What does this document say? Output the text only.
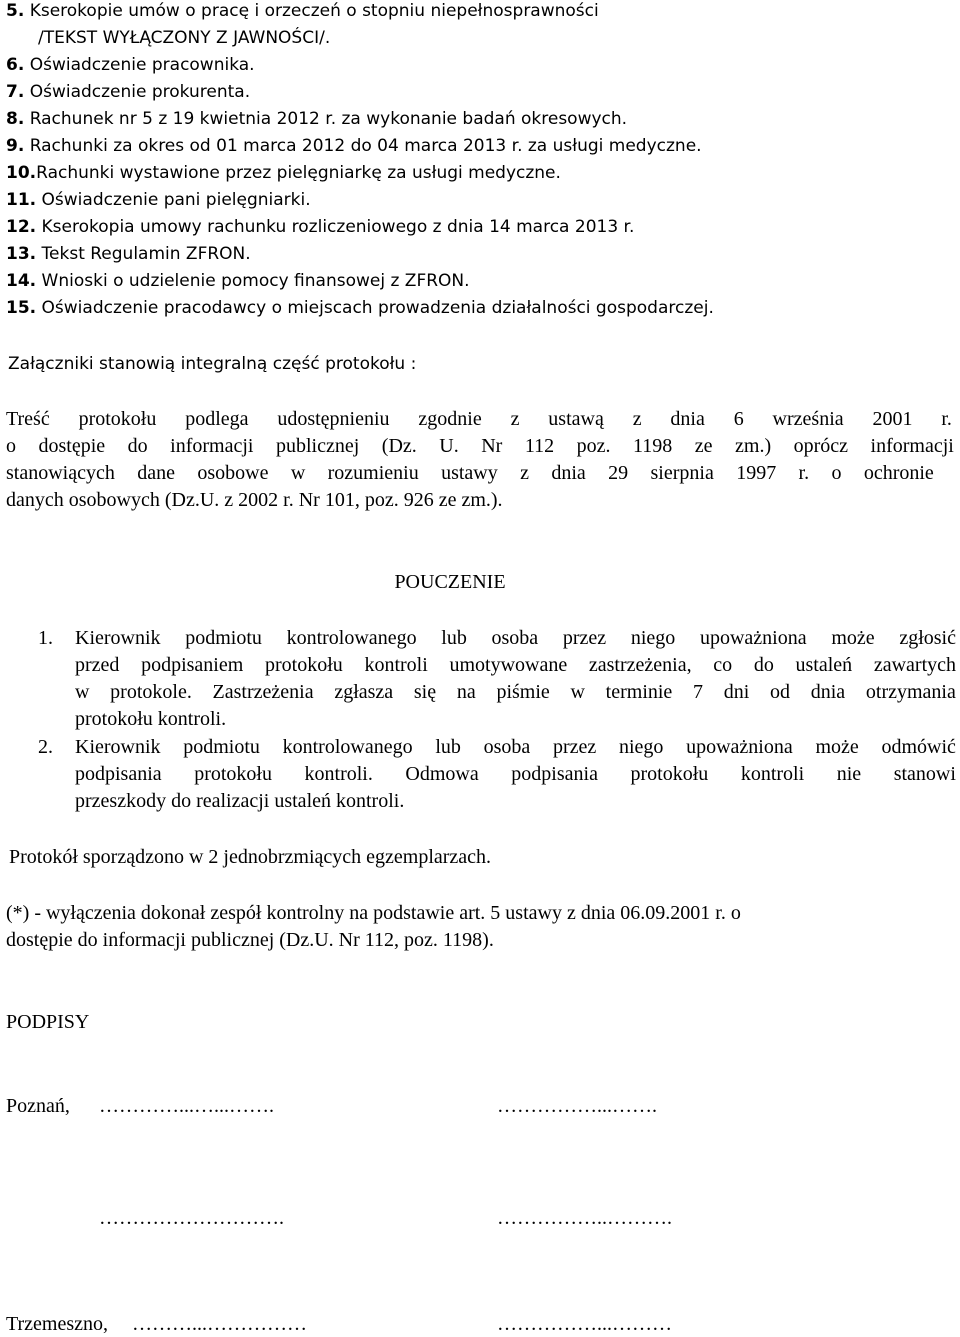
5. Kserokopie umów o pracę i orzeczeń o stopniu niepełnosprawności
/TEKST WYŁĄCZONY Z JAWNOŚCI/.
6. Oświadczenie pracownika.
7. Oświadczenie prokurenta.
8. Rachunek nr 5 z 19 kwietnia 2012 r. za wykonanie badań okresowych.
9. Rachunki za okres od 01 marca 2012 do 04 marca 2013 r. za usługi medyczne.
10.Rachunki wystawione przez pielęgniarkę za usługi medyczne.
11. Oświadczenie pani pielęgniarki.
12. Kserokopia umowy rachunku rozliczeniowego z dnia 14 marca 2013 r.
13. Tekst Regulamin ZFRON.
14. Wnioski o udzielenie pomocy finansowej z ZFRON.
15. Oświadczenie pracodawcy o miejscach prowadzenia działalności gospodarczej.
Załączniki stanowią integralną część protokołu :
Treść protokołu podlega udostępnieniu zgodnie z ustawą z dnia 6 września 2001 r.
o dostępie do informacji publicznej (Dz. U. Nr 112 poz. 1198 ze zm.) oprócz informacji
stanowiących dane osobowe w rozumieniu ustawy z dnia 29 sierpnia 1997 r. o ochronie
danych osobowych (Dz.U. z 2002 r. Nr 101, poz. 926 ze zm.).
POUCZENIE
1. Kierownik podmiotu kontrolowanego lub osoba przez niego upoważniona może zgłosić
przed podpisaniem protokołu kontroli umotywowane zastrzeżenia, co do ustaleń zawartych
w protokole. Zastrzeżenia zgłasza się na piśmie w terminie 7 dni od dnia otrzymania
protokołu kontroli.
2. Kierownik podmiotu kontrolowanego lub osoba przez niego upoważniona może odmówić
podpisania protokołu kontroli. Odmowa podpisania protokołu kontroli nie stanowi
przeszkody do realizacji ustaleń kontroli.
Protokół sporządzono w 2 jednobrzmiących egzemplarzach.
(*) - wyłączenia dokonał zespół kontrolny na podstawie art. 5 ustawy z dnia 06.09.2001 r. o
dostępie do informacji publicznej (Dz.U. Nr 112, poz. 1198).
PODPISY
Poznań, …………...…...…….	……………...…….
……………………….	……………..……….
Trzemeszno, ………...……………	……………...………
